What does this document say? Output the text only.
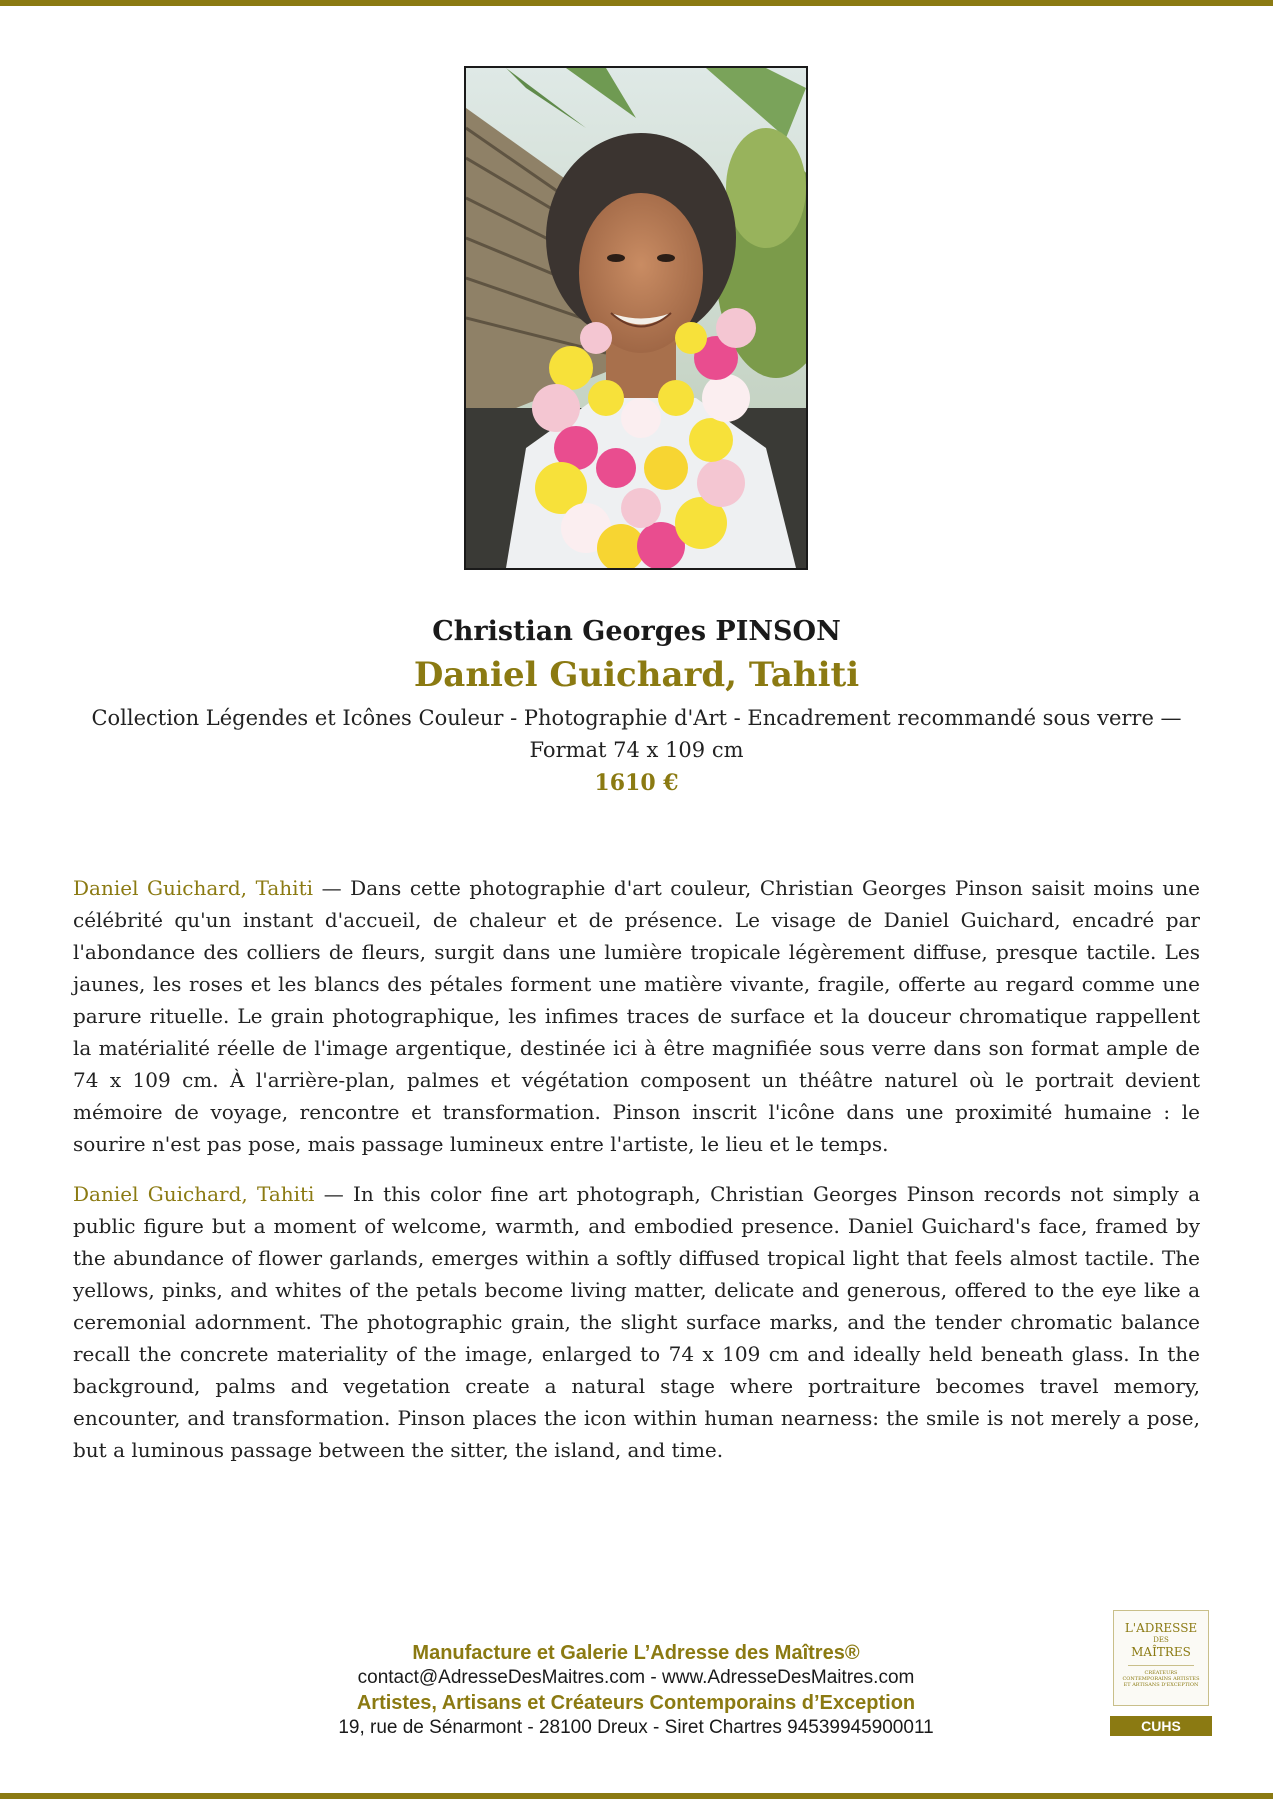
Christian Georges PINSON
Daniel Guichard, Tahiti
Collection Légendes et Icônes Couleur - Photographie d'Art - Encadrement recommandé sous verre — Format 74 x 109 cm
1610 €

Daniel Guichard, Tahiti — Dans cette photographie d'art couleur, Christian Georges Pinson saisit moins une célébrité qu'un instant d'accueil, de chaleur et de présence. Le visage de Daniel Guichard, encadré par l'abondance des colliers de fleurs, surgit dans une lumière tropicale légèrement diffuse, presque tactile. Les jaunes, les roses et les blancs des pétales forment une matière vivante, fragile, offerte au regard comme une parure rituelle. Le grain photographique, les infimes traces de surface et la douceur chromatique rappellent la matérialité réelle de l'image argentique, destinée ici à être magnifiée sous verre dans son format ample de 74 x 109 cm. À l'arrière-plan, palmes et végétation composent un théâtre naturel où le portrait devient mémoire de voyage, rencontre et transformation. Pinson inscrit l'icône dans une proximité humaine : le sourire n'est pas pose, mais passage lumineux entre l'artiste, le lieu et le temps.

Daniel Guichard, Tahiti — In this color fine art photograph, Christian Georges Pinson records not simply a public figure but a moment of welcome, warmth, and embodied presence. Daniel Guichard's face, framed by the abundance of flower garlands, emerges within a softly diffused tropical light that feels almost tactile. The yellows, pinks, and whites of the petals become living matter, delicate and generous, offered to the eye like a ceremonial adornment. The photographic grain, the slight surface marks, and the tender chromatic balance recall the concrete materiality of the image, enlarged to 74 x 109 cm and ideally held beneath glass. In the background, palms and vegetation create a natural stage where portraiture becomes travel memory, encounter, and transformation. Pinson places the icon within human nearness: the smile is not merely a pose, but a luminous passage between the sitter, the island, and time.

Manufacture et Galerie L’Adresse des Maîtres®
contact@AdresseDesMaitres.com - www.AdresseDesMaitres.com
Artistes, Artisans et Créateurs Contemporains d’Exception
19, rue de Sénarmont - 28100 Dreux - Siret Chartres 94539945900011
L'ADRESSE
DES
MAÎTRES
CRÉATEURS CONTEMPORAINS ARTISTES ET ARTISANS D'EXCEPTION
CUHS
